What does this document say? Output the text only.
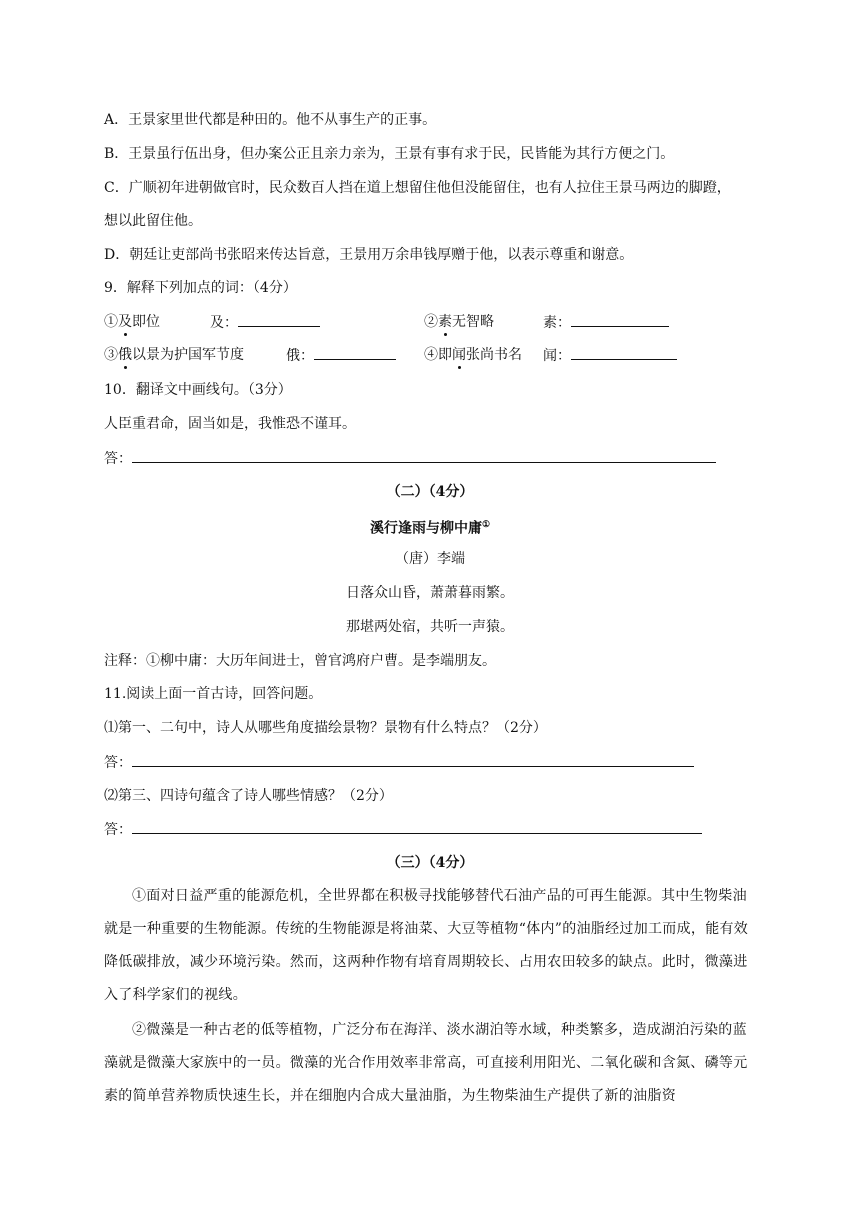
A．王景家里世代都是种田的。他不从事生产的正事。
B．王景虽行伍出身，但办案公正且亲力亲为，王景有事有求于民，民皆能为其行方便之门。
C．广顺初年进朝做官时，民众数百人挡在道上想留住他但没能留住，也有人拉住王景马两边的脚蹬，
想以此留住他。
D．朝廷让吏部尚书张昭来传达旨意，王景用万余串钱厚赠于他，以表示尊重和谢意。
9．解释下列加点的词：（4分）
①及即位	及：	②素无智略	素：
③俄以景为护国军节度	俄：	④即闻张尚书名 闻：
10．翻译文中画线句。（3分）
人臣重君命，固当如是，我惟恐不谨耳。
答：
（二）（4分）
溪行逢雨与柳中庸①
（唐）李端
日落众山昏，萧萧暮雨繁。
那堪两处宿，共听一声猿。
注释：①柳中庸：大历年间进士，曾官鸿府户曹。是李端朋友。
11.阅读上面一首古诗，回答问题。
⑴第一、二句中，诗人从哪些角度描绘景物？景物有什么特点？（2分）
答：
⑵第三、四诗句蕴含了诗人哪些情感？（2分）
答：
（三）（4分）
①面对日益严重的能源危机，全世界都在积极寻找能够替代石油产品的可再生能源。其中生物柴油就是一种重要的生物能源。传统的生物能源是将油菜、大豆等植物“体内”的油脂经过加工而成，能有效降低碳排放，减少环境污染。然而，这两种作物有培育周期较长、占用农田较多的缺点。此时，微藻进入了科学家们的视线。
②微藻是一种古老的低等植物，广泛分布在海洋、淡水湖泊等水域，种类繁多，造成湖泊污染的蓝藻就是微藻大家族中的一员。微藻的光合作用效率非常高，可直接利用阳光、二氧化碳和含氮、磷等元素的简单营养物质快速生长，并在细胞内合成大量油脂，为生物柴油生产提供了新的油脂资
